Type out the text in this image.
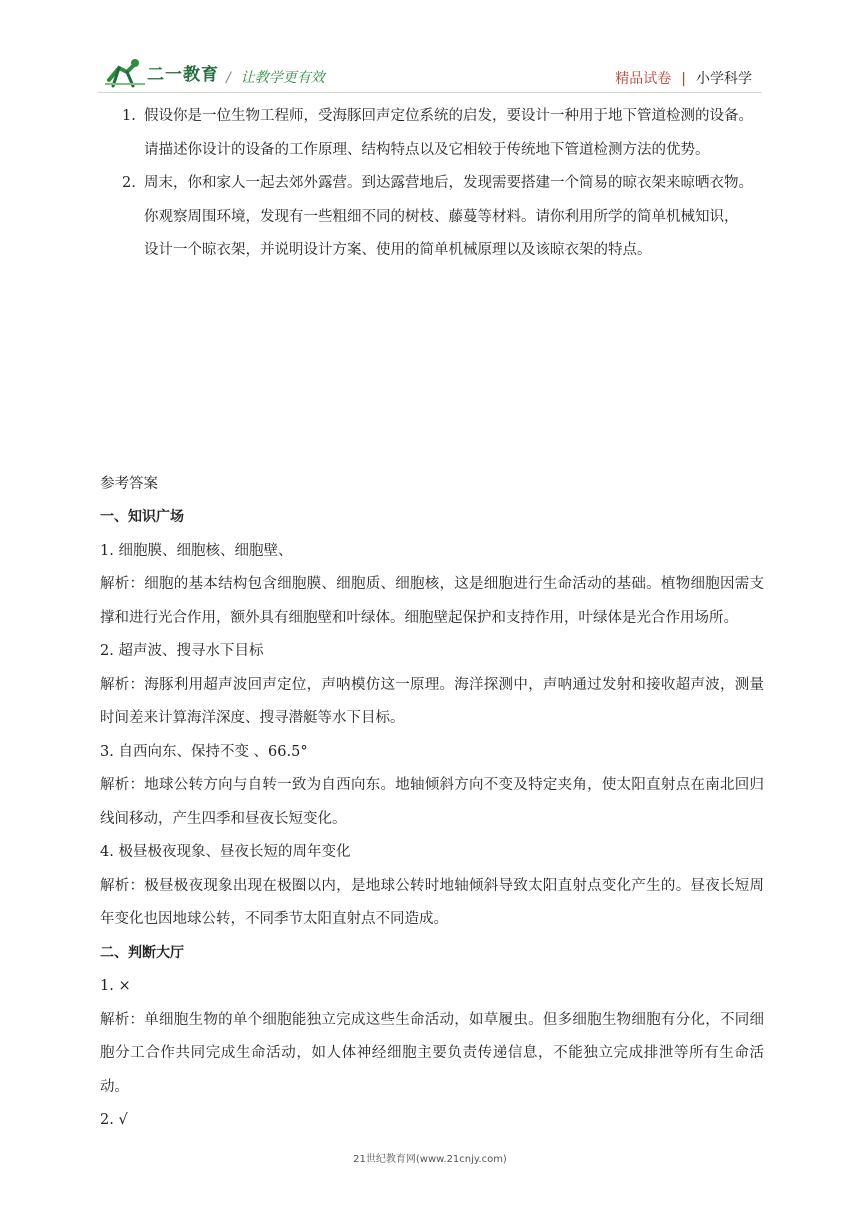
二一教育 / 让教学更有效	精品试卷 | 小学科学
1. 假设你是一位生物工程师，受海豚回声定位系统的启发，要设计一种用于地下管道检测的设备。
请描述你设计的设备的工作原理、结构特点以及它相较于传统地下管道检测方法的优势。
2. 周末，你和家人一起去郊外露营。到达露营地后，发现需要搭建一个简易的晾衣架来晾晒衣物。
你观察周围环境，发现有一些粗细不同的树枝、藤蔓等材料。请你利用所学的简单机械知识，
设计一个晾衣架，并说明设计方案、使用的简单机械原理以及该晾衣架的特点。
参考答案
一、知识广场
1. 细胞膜、细胞核、细胞壁、
解析：细胞的基本结构包含细胞膜、细胞质、细胞核，这是细胞进行生命活动的基础。植物细胞因需支撑和进行光合作用，额外具有细胞壁和叶绿体。细胞壁起保护和支持作用，叶绿体是光合作用场所。
2. 超声波、搜寻水下目标
解析：海豚利用超声波回声定位，声呐模仿这一原理。海洋探测中，声呐通过发射和接收超声波，测量时间差来计算海洋深度、搜寻潜艇等水下目标。
3. 自西向东、保持不变 、66.5°
解析：地球公转方向与自转一致为自西向东。地轴倾斜方向不变及特定夹角，使太阳直射点在南北回归线间移动，产生四季和昼夜长短变化。
4. 极昼极夜现象、昼夜长短的周年变化
解析：极昼极夜现象出现在极圈以内，是地球公转时地轴倾斜导致太阳直射点变化产生的。昼夜长短周年变化也因地球公转，不同季节太阳直射点不同造成。
二、判断大厅
1. ×
解析：单细胞生物的单个细胞能独立完成这些生命活动，如草履虫。但多细胞生物细胞有分化，不同细胞分工合作共同完成生命活动，如人体神经细胞主要负责传递信息，不能独立完成排泄等所有生命活动。
2. √
21世纪教育网(www.21cnjy.com)
